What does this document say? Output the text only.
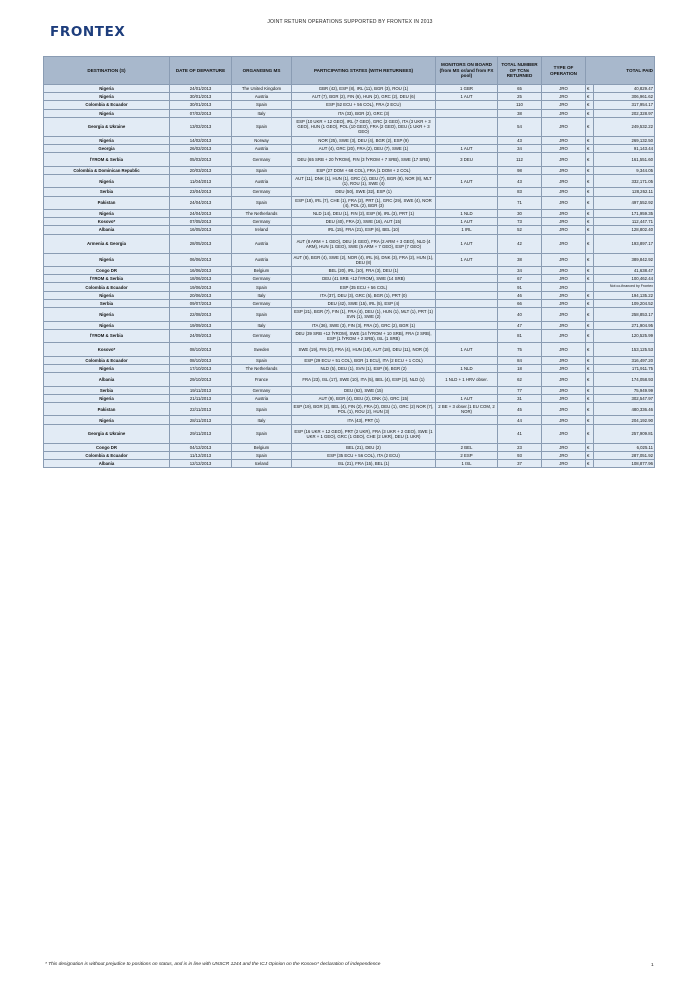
FRONTEX
JOINT RETURN OPERATIONS SUPPORTED BY FRONTEX IN 2013
DESTINATION (S)	DATE OF DEPARTURE	ORGANISING MS	PARTICIPATING STATES (WITH RETURNEES)	MONITORS ON BOARD (from MS or/and from FX pool)	TOTAL NUMBER OF TCNs RETURNED	TYPE OF OPERATION	TOTAL PAID	
Nigeria	24/01/2013	The United Kingdom	GBR (42), ESP (8), IRL (11), BGR (3), ROU (1)	1 GBR	65	JRO	€	40,829.47
Nigeria	30/01/2013	Austria	AUT (7), BGR (2), FIN (6), HUN (2), GRC (2), DEU (6)	1 AUT	25	JRO	€	306,961.62
Colombia & Ecuador	30/01/2013	Spain	ESP (52 ECU + 56 COL), FRA (2 ECU)		110	JRO	€	317,954.17
Nigeria	07/02/2013	Italy	ITA (33), BGR (2), GRC (3)		38	JRO	€	202,328.97
Georgia & Ukraine	13/02/2013	Spain	ESP (10 UKR + 12 GEO), IRL (7 GEO), GRC (2 GEO), ITA (3 UKR + 3 GEO), HUN (1 GEO), POL (10 GEO), FRA (2 GEO), DEU (1 UKR + 3 GEO)		54	JRO	€	249,532.22
Nigeria	14/02/2013	Norway	NOR (25), SWE (3), DEU (4), BGR (2), ESP (9)		43	JRO	€	269,132.50
Georgia	26/02/2013	Austria	AUT (4), GRC (20), FRA (2), DEU (7), SWE (1)	1 AUT	34	JRO	€	91,143.44
fYROM & Serbia	05/03/2013	Germany	DEU (65 SRB + 20 fYROM), FIN (3 fYROM + 7 SRB), SWE (17 SRB)	3 DEU	112	JRO	€	161,551.60
Colombia & Dominican Republic	20/03/2013	Spain	ESP (27 DOM + 68 COL), FRA (1 DOM + 2 COL)		98	JRO	€	9,344.05
Nigeria	11/04/2013	Austria	AUT (11), DNK (1), HUN (1), GRC (1), DEU (7), BGR (8), NOR (8), MLT (1), ROU (1), SWE (4)	1 AUT	43	JRO	€	332,171.05
Serbia	23/04/2013	Germany	DEU (50), SWE (32), ESP (1)		83	JRO	€	128,262.11
Pakistan	24/04/2013	Spain	ESP (18), IRL (7), CHE (1), FRA (2), PRT (1), GRC (29), SWE (4), NOR (4), POL (2), BGR (3)		71	JRO	€	497,552.92
Nigeria	24/04/2013	The Netherlands	NLD (14), DEU (1), FIN (2), ESP (9), IRL (3), PRT (1)	1 NLD	30	JRO	€	171,959.35
Kosovo*	07/05/2013	Germany	DEU (40), FRA (2), SWE (16), AUT (15)	1 AUT	73	JRO	€	112,447.71
Albania	16/05/2013	Ireland	IRL (15), FRA (21), ESP (6), BEL (10)	1 IRL	52	JRO	€	128,802.40
Armenia & Georgia	28/05/2013	Austria	AUT (8 ARM + 1 GEO), DEU (4 GEO), FRA (2 ARM + 3 GEO), NLD (4 ARM), HUN (1 GEO), SWE (5 ARM + 7 GEO), ESP (7 GEO)	1 AUT	42	JRO	€	193,897.17
Nigeria	06/06/2013	Austria	AUT (8), BGR (4), SWE (2), NOR (4), IRL (6), DNK (3), FRA (2), HUN (1), DEU (8)	1 AUT	38	JRO	€	389,842.92
Congo DR	16/06/2013	Belgium	BEL (20), IRL (10), FRA (3), DEU (1)		34	JRO	€	41,638.47
fYROM & Serbia	18/06/2013	Germany	DEU (41 SRB +12 fYROM), SWE (14 SRB)		67	JRO	€	100,462.44
Colombia & Ecuador	19/06/2013	Spain	ESP (35 ECU + 56 COL)		91	JRO		Not co-financed by Frontex

Nigeria	20/06/2013	Italy	ITA (37), DEU (3), GRC (5), BGR (1), PRT (0)		46	JRO	€	194,135.22
Serbia	09/07/2013	Germany	DEU (42), SWE (15), IRL (5), ESP (4)		66	JRO	€	109,204.52
Nigeria	22/08/2013	Spain	ESP (21), BGR (7), FIN (1), FRA (4), DEU (1), HUN (1), MLT (1), PRT (1) SVN (1), SWE (2)		40	JRO	€	258,853.17
Nigeria	19/09/2013	Italy	ITA (36), SWE (3), FIN (3), FRA (2), GRC (2), BGR (1)		47	JRO	€	271,904.95
fYROM & Serbia	24/09/2013	Germany	DEU (39 SRB +12 fYROM), SWE (14 fYROM + 10 SRB), FRA (2 SRB), ESP (1 fYROM + 2 SRB), ISL (1 SRB)		81	JRO	€	120,525.99
Kosovo*	08/10/2013	Sweden	SWE (19), FIN (2), FRA (4), HUN (18), AUT (18), DEU (11), NOR (3)	1 AUT	75	JRO	€	153,125.53
Colombia & Ecuador	08/10/2013	Spain	ESP (29 ECU + 51 COL), BGR (1 ECU), ITA (2 ECU + 1 COL)		84	JRO	€	316,497.20
Nigeria	17/10/2013	The Netherlands	NLD (5), DEU (1), SVN (1), ESP (9), BGR (2)	1 NLD	18	JRO	€	171,911.75
Albania	29/10/2013	France	FRA (23), ISL (17), SWE (10), ITA (5), BEL (4), ESP (2), NLD (1)	1 NLD + 1 HRV obser.	62	JRO	€	174,058.93
Serbia	19/11/2013	Germany	DEU (62), SWE (15)		77	JRO	€	75,949.99
Nigeria	21/11/2013	Austria	AUT (9), BGR (4), DEU (2), DNK (1), GRC (15)	1 AUT	31	JRO	€	302,547.97
Pakistan	22/11/2013	Spain	ESP (19), BGR (2), BEL (4), FIN (2), FRA (2), DEU (1), GRC (2) NOR (7), POL (1), ROU (2), HUN (3)	2 BE + 3 obser.(1 EU COM, 2 NOR)	45	JRO	€	480,336.46
Nigeria	28/11/2013	Italy	ITA (43), PRT (1)		44	JRO	€	204,192.90
Georgia & Ukraine	29/11/2013	Spain	ESP (16 UKR + 12 GEO), PRT (2 UKR), FRA (3 UKR + 2 GEO), SWE (1 UKR + 1 GEO), GRC (1 GEO), CHE (2 UKR), DEU (1 UKR)		41	JRO	€	257,909.81
Congo DR	04/12/2013	Belgium	BEL (21), DEU (2)	2 BEL	23	JRO	€	6,025.11
Colombia & Ecuador	11/12/2013	Spain	ESP (35 ECU + 56 COL), ITA (2 ECU)	2 ESP	93	JRO	€	287,051.92
Albania	12/12/2013	Iceland	ISL (21), FRA (15), BEL (1)	1 ISL	37	JRO	€	108,877.96
* This designation is without prejudice to positions on status, and is in line with UNSCR 1244 and the ICJ Opinion on the Kosovo* declaration of independence	1
